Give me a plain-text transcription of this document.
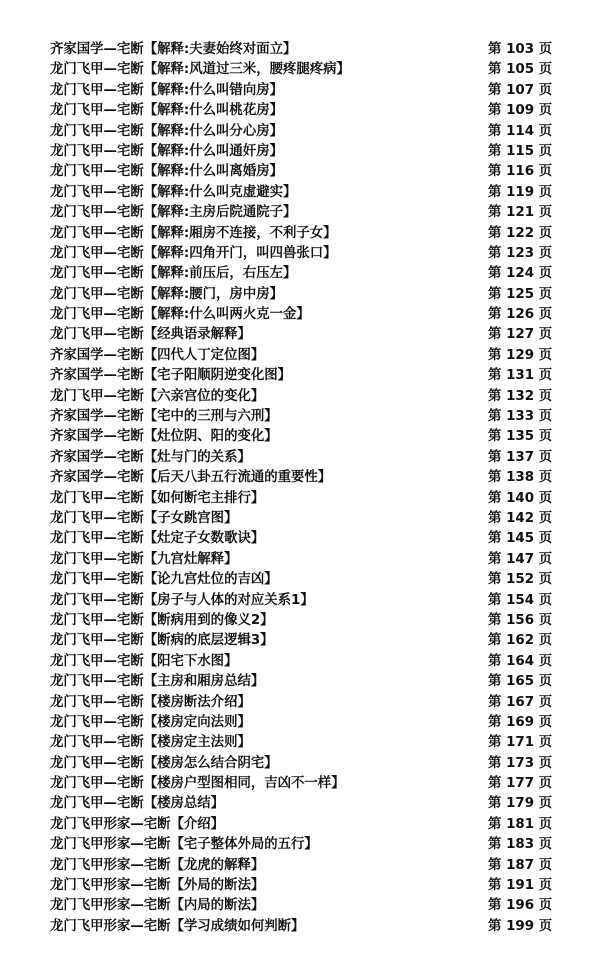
齐家国学—宅断【解释:夫妻始终对面立】	第 103 页
龙门飞甲—宅断【解释:风道过三米，腰疼腿疼病】	第 105 页
龙门飞甲—宅断【解释:什么叫错向房】	第 107 页
龙门飞甲—宅断【解释:什么叫桃花房】	第 109 页
龙门飞甲—宅断【解释:什么叫分心房】	第 114 页
龙门飞甲—宅断【解释:什么叫通奸房】	第 115 页
龙门飞甲—宅断【解释:什么叫离婚房】	第 116 页
龙门飞甲—宅断【解释:什么叫克虚避实】	第 119 页
龙门飞甲—宅断【解释:主房后院通院子】	第 121 页
龙门飞甲—宅断【解释:厢房不连接，不利子女】	第 122 页
龙门飞甲—宅断【解释:四角开门，叫四兽张口】	第 123 页
龙门飞甲—宅断【解释:前压后，右压左】	第 124 页
龙门飞甲—宅断【解释:腰门，房中房】	第 125 页
龙门飞甲—宅断【解释:什么叫两火克一金】	第 126 页
龙门飞甲—宅断【经典语录解释】	第 127 页
齐家国学—宅断【四代人丁定位图】	第 129 页
齐家国学—宅断【宅子阳顺阴逆变化图】	第 131 页
龙门飞甲—宅断【六亲宫位的变化】	第 132 页
齐家国学—宅断【宅中的三刑与六刑】	第 133 页
齐家国学—宅断【灶位阴、阳的变化】	第 135 页
齐家国学—宅断【灶与门的关系】	第 137 页
齐家国学—宅断【后天八卦五行流通的重要性】	第 138 页
龙门飞甲—宅断【如何断宅主排行】	第 140 页
龙门飞甲—宅断【子女跳宫图】	第 142 页
龙门飞甲—宅断【灶定子女数歌诀】	第 145 页
龙门飞甲—宅断【九宫灶解释】	第 147 页
龙门飞甲—宅断【论九宫灶位的吉凶】	第 152 页
龙门飞甲—宅断【房子与人体的对应关系1】	第 154 页
龙门飞甲—宅断【断病用到的像义2】	第 156 页
龙门飞甲—宅断【断病的底层逻辑3】	第 162 页
龙门飞甲—宅断【阳宅下水图】	第 164 页
龙门飞甲—宅断【主房和厢房总结】	第 165 页
龙门飞甲—宅断【楼房断法介绍】	第 167 页
龙门飞甲—宅断【楼房定向法则】	第 169 页
龙门飞甲—宅断【楼房定主法则】	第 171 页
龙门飞甲—宅断【楼房怎么结合阴宅】	第 173 页
龙门飞甲—宅断【楼房户型图相同，吉凶不一样】	第 177 页
龙门飞甲—宅断【楼房总结】	第 179 页
龙门飞甲形家—宅断【介绍】	第 181 页
龙门飞甲形家—宅断【宅子整体外局的五行】	第 183 页
龙门飞甲形家—宅断【龙虎的解释】	第 187 页
龙门飞甲形家—宅断【外局的断法】	第 191 页
龙门飞甲形家—宅断【内局的断法】	第 196 页
龙门飞甲形家—宅断【学习成绩如何判断】	第 199 页
